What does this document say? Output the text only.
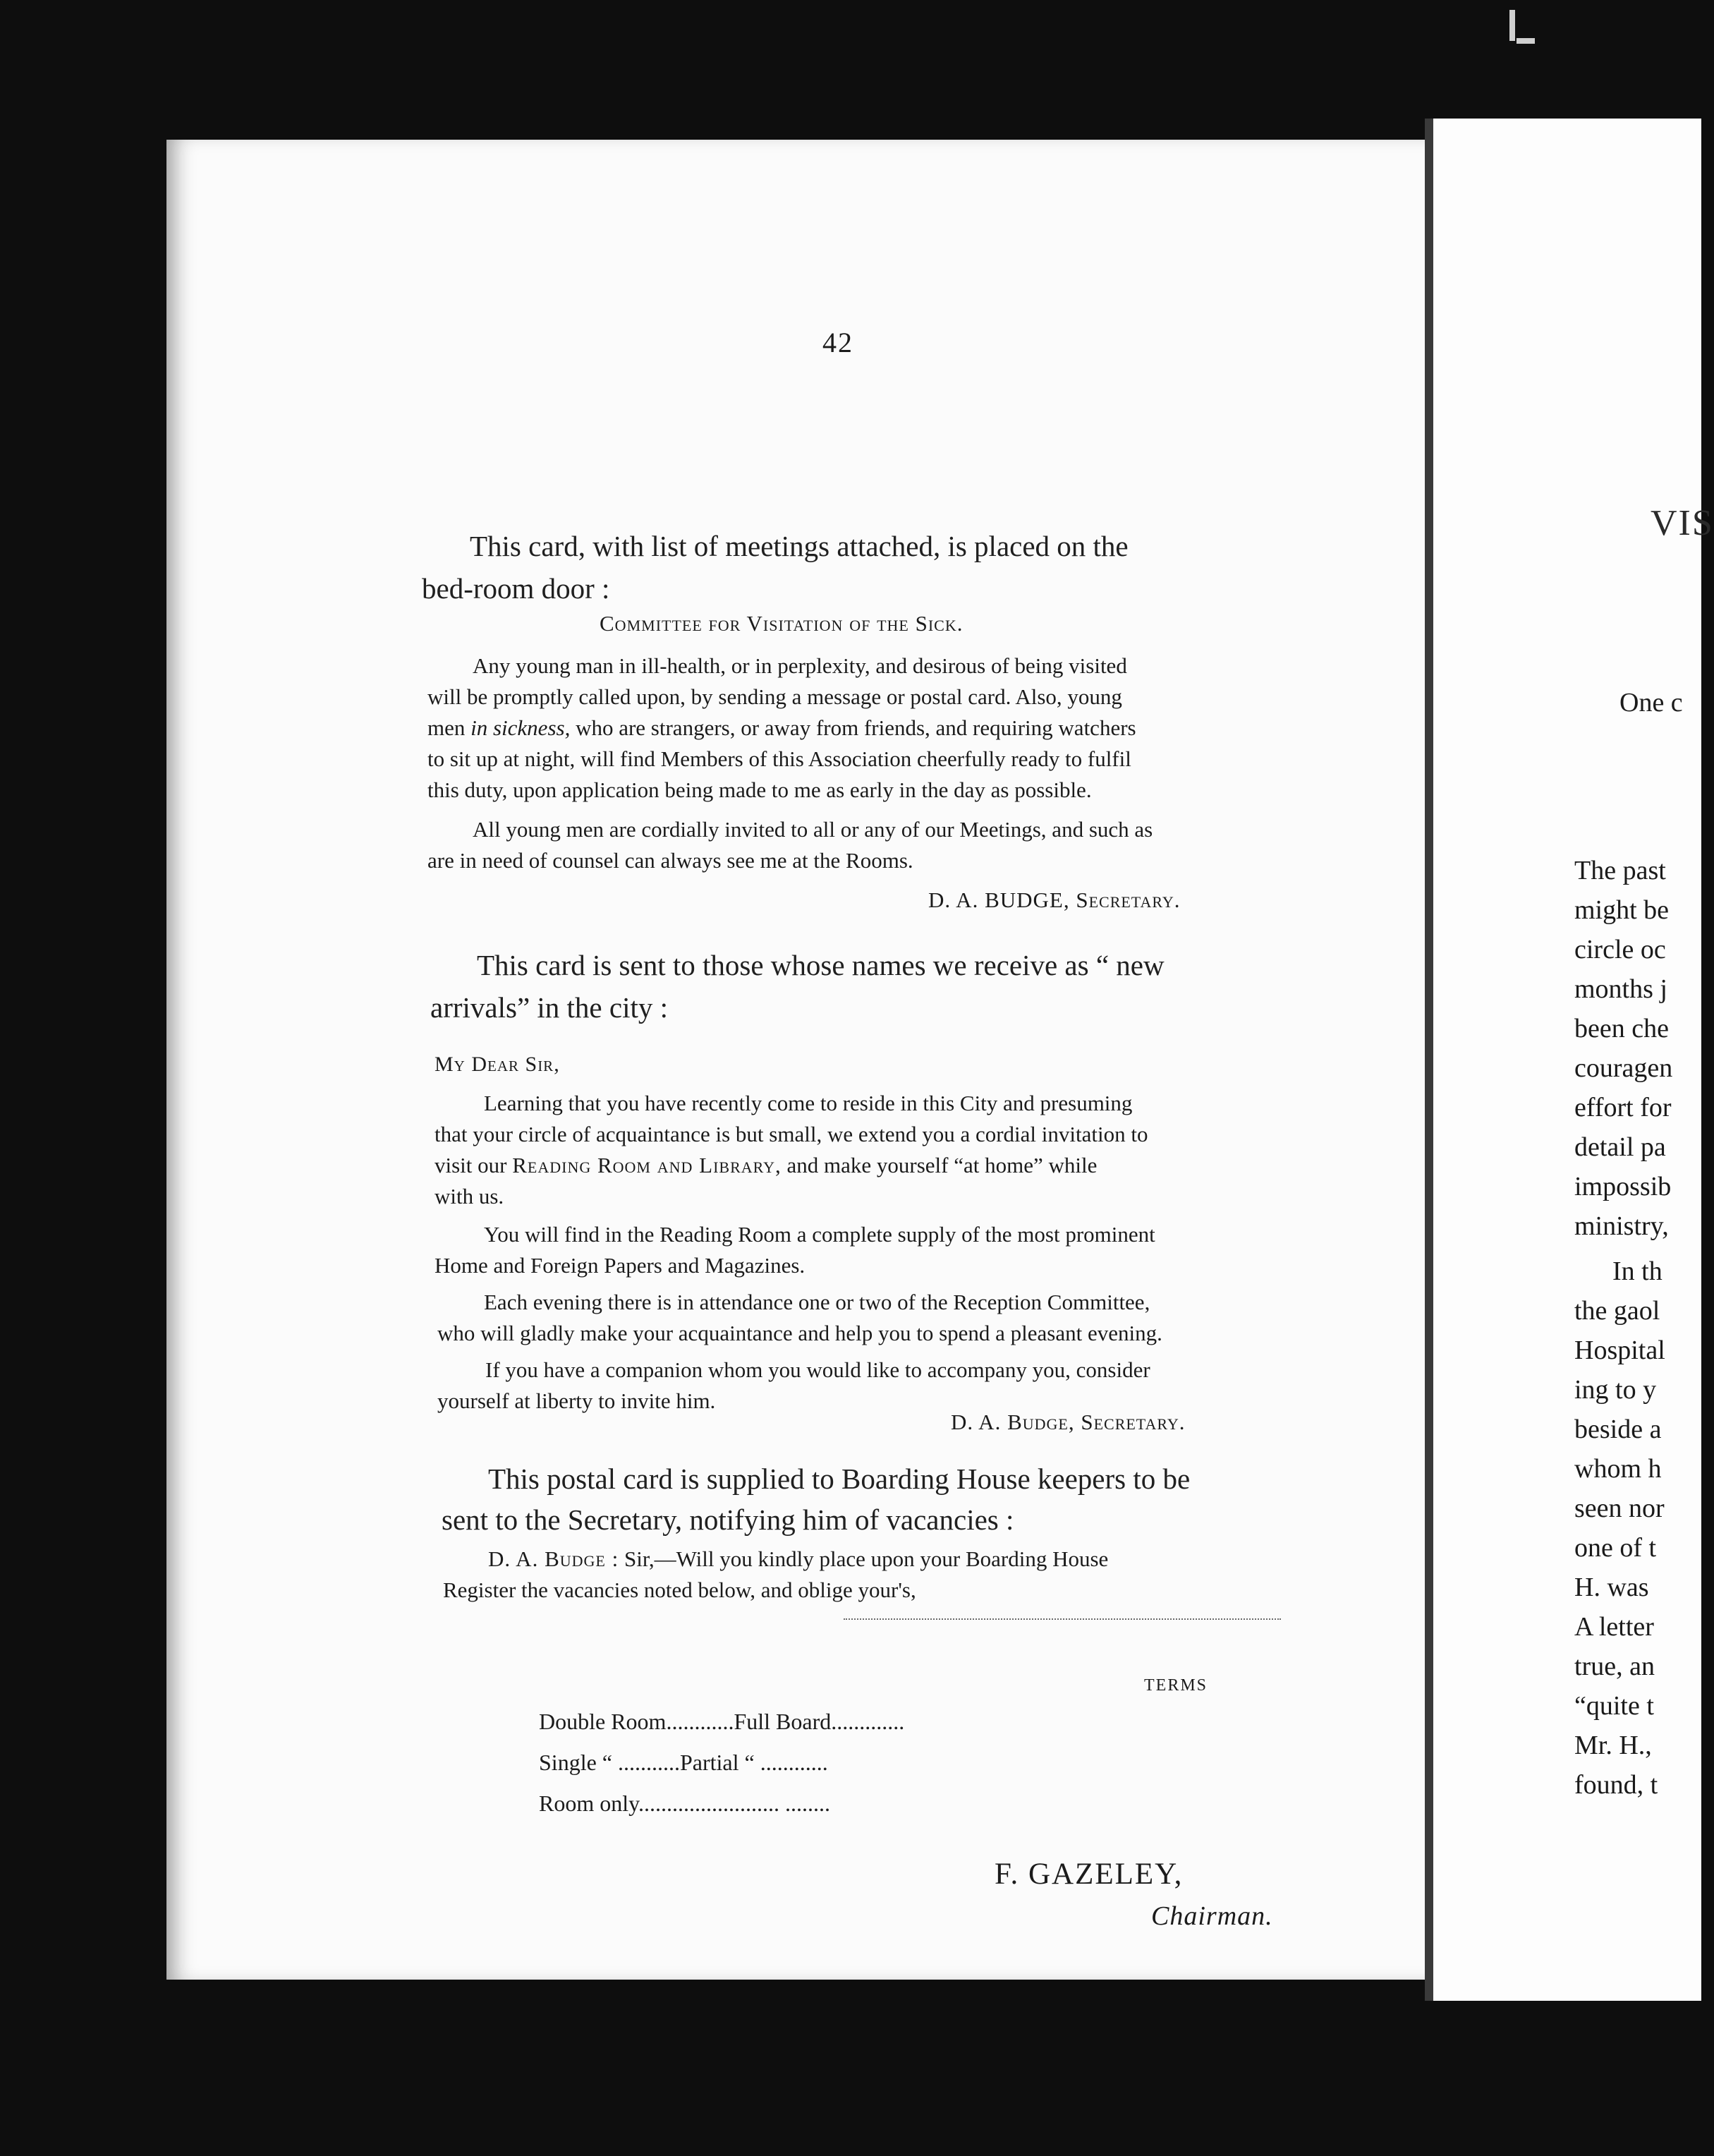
42
This card, with list of meetings attached, is placed on the
bed-room door :
Committee for Visitation of the Sick.
Any young man in ill-health, or in perplexity, and desirous of being visited
will be promptly called upon, by sending a message or postal card. Also, young
men in sickness, who are strangers, or away from friends, and requiring watchers
to sit up at night, will find Members of this Association cheerfully ready to fulfil
this duty, upon application being made to me as early in the day as possible.
All young men are cordially invited to all or any of our Meetings, and such as
are in need of counsel can always see me at the Rooms.
D. A. BUDGE, Secretary.
This card is sent to those whose names we receive as “ new
arrivals” in the city :
My Dear Sir,
Learning that you have recently come to reside in this City and presuming
that your circle of acquaintance is but small, we extend you a cordial invitation to
visit our Reading Room and Library, and make yourself “at home” while
with us.
You will find in the Reading Room a complete supply of the most prominent
Home and Foreign Papers and Magazines.
Each evening there is in attendance one or two of the Reception Committee,
who will gladly make your acquaintance and help you to spend a pleasant evening.
If you have a companion whom you would like to accompany you, consider
yourself at liberty to invite him.
D. A. Budge, Secretary.
This postal card is supplied to Boarding House keepers to be
sent to the Secretary, notifying him of vacancies :
D. A. Budge : Sir,—Will you kindly place upon your Boarding House
Register the vacancies noted below, and oblige your's,
TERMS
Double Room............Full Board.............
Single “ ...........Partial “ ............
Room only......................... ........
F. GAZELEY,
Chairman.
VIS
One c
The past
might be
circle oc
months j
been che
couragen
effort for
detail pa
impossib
ministry,
In th
the gaol
Hospital
ing to y
beside a
whom h
seen nor
one of t
H. was
A letter
true, an
“quite t
Mr. H.,
found, t
